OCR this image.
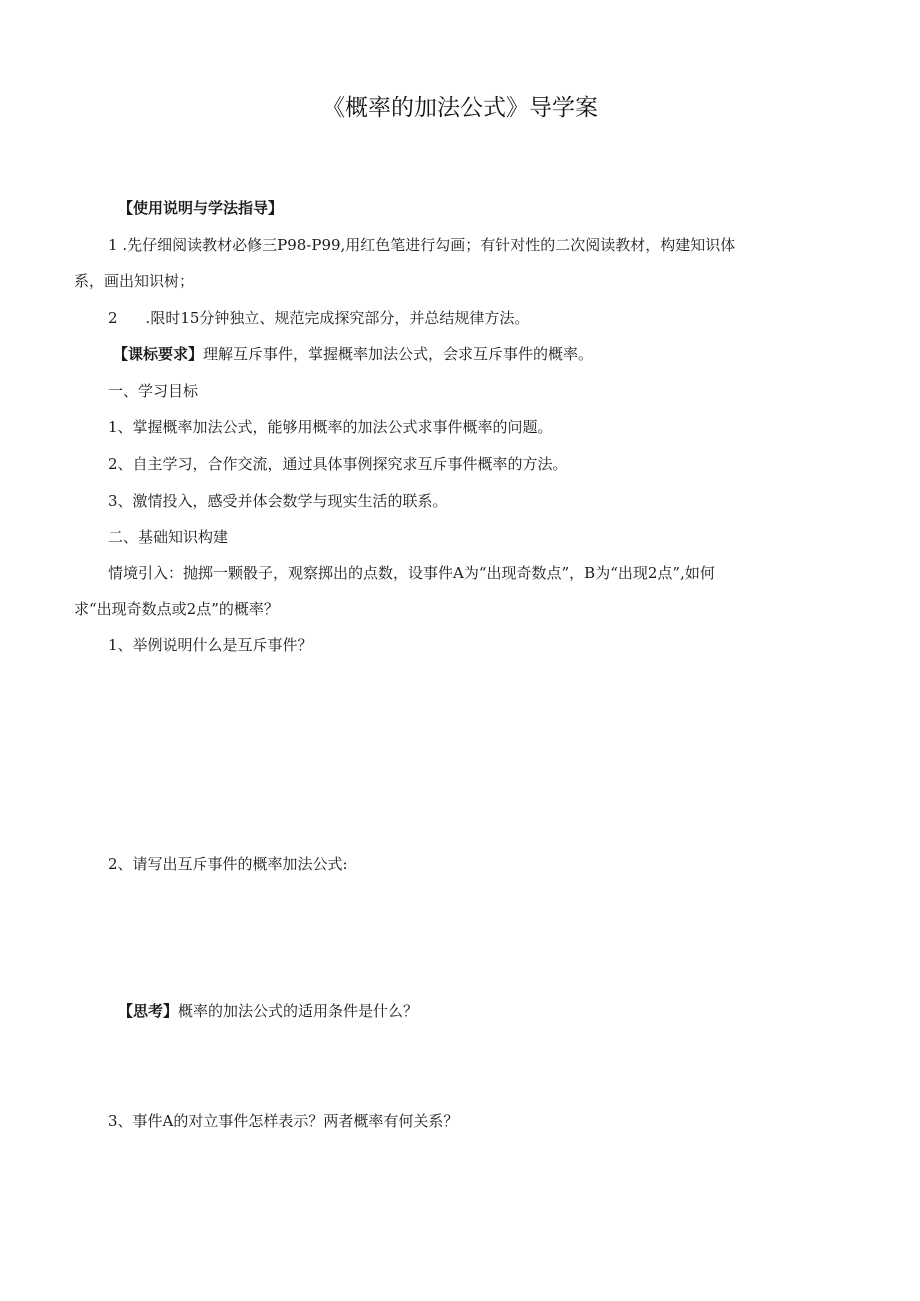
《概率的加法公式》导学案
【使用说明与学法指导】
1 .先仔细阅读教材必修三P98-P99,用红色笔进行勾画；有针对性的二次阅读教材，构建知识体
系，画出知识树；
2 .限时15分钟独立、规范完成探究部分，并总结规律方法。
【课标要求】理解互斥事件，掌握概率加法公式，会求互斥事件的概率。
一、学习目标
1、掌握概率加法公式，能够用概率的加法公式求事件概率的问题。
2、自主学习，合作交流，通过具体事例探究求互斥事件概率的方法。
3、激情投入，感受并体会数学与现实生活的联系。
二、基础知识构建
情境引入：抛掷一颗骰子，观察掷出的点数，设事件A为“出现奇数点”，B为“出现2点”,如何
求“出现奇数点或2点”的概率？
1、举例说明什么是互斥事件？
2、请写出互斥事件的概率加法公式:
【思考】概率的加法公式的适用条件是什么？
3、事件A的对立事件怎样表示？两者概率有何关系？
